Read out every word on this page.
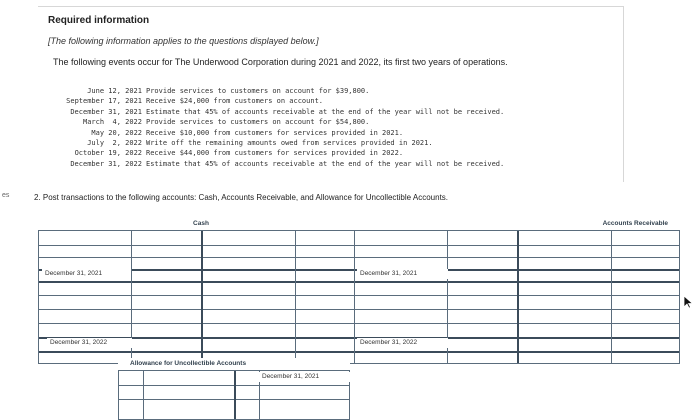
es
Required information
[The following information applies to the questions displayed below.]
The following events occur for The Underwood Corporation during 2021 and 2022, its first two years of operations.
June 12, 2021 Provide services to customers on account for $39,800.
September 17, 2021 Receive $24,000 from customers on account.
December 31, 2021 Estimate that 45% of accounts receivable at the end of the year will not be received.
March  4, 2022 Provide services to customers on account for $54,800.
May 20, 2022 Receive $10,000 from customers for services provided in 2021.
July  2, 2022 Write off the remaining amounts owed from services provided in 2021.
October 19, 2022 Receive $44,000 from customers for services provided in 2022.
December 31, 2022 Estimate that 45% of accounts receivable at the end of the year will not be received.
2. Post transactions to the following accounts: Cash, Accounts Receivable, and Allowance for Uncollectible Accounts.
Cash
December 31, 2021
December 31, 2022
Accounts Receivable
December 31, 2021
December 31, 2022
Allowance for Uncollectible Accounts
December 31, 2021
